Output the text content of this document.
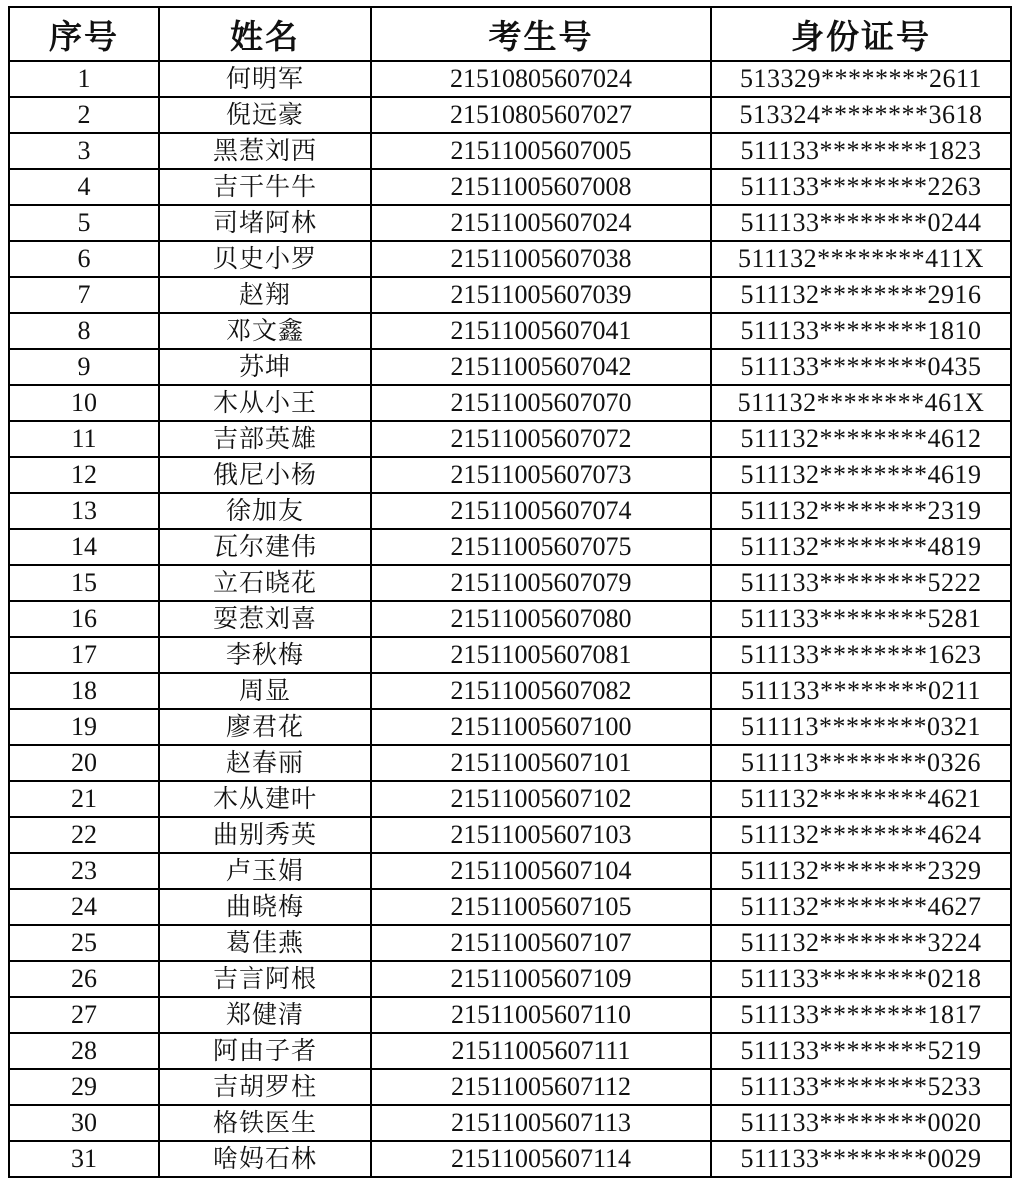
序号	姓名	考生号	身份证号
1	何明军	21510805607024	513329********2611
2	倪远豪	21510805607027	513324********3618
3	黑惹刘西	21511005607005	511133********1823
4	吉干牛牛	21511005607008	511133********2263
5	司堵阿林	21511005607024	511133********0244
6	贝史小罗	21511005607038	511132********411X
7	赵翔	21511005607039	511132********2916
8	邓文鑫	21511005607041	511133********1810
9	苏坤	21511005607042	511133********0435
10	木从小王	21511005607070	511132********461X
11	吉部英雄	21511005607072	511132********4612
12	俄尼小杨	21511005607073	511132********4619
13	徐加友	21511005607074	511132********2319
14	瓦尔建伟	21511005607075	511132********4819
15	立石晓花	21511005607079	511133********5222
16	耍惹刘喜	21511005607080	511133********5281
17	李秋梅	21511005607081	511133********1623
18	周显	21511005607082	511133********0211
19	廖君花	21511005607100	511113********0321
20	赵春丽	21511005607101	511113********0326
21	木从建叶	21511005607102	511132********4621
22	曲别秀英	21511005607103	511132********4624
23	卢玉娟	21511005607104	511132********2329
24	曲晓梅	21511005607105	511132********4627
25	葛佳燕	21511005607107	511132********3224
26	吉言阿根	21511005607109	511133********0218
27	郑健清	21511005607110	511133********1817
28	阿由子者	21511005607111	511133********5219
29	吉胡罗柱	21511005607112	511133********5233
30	格铁医生	21511005607113	511133********0020
31	啥妈石林	21511005607114	511133********0029
